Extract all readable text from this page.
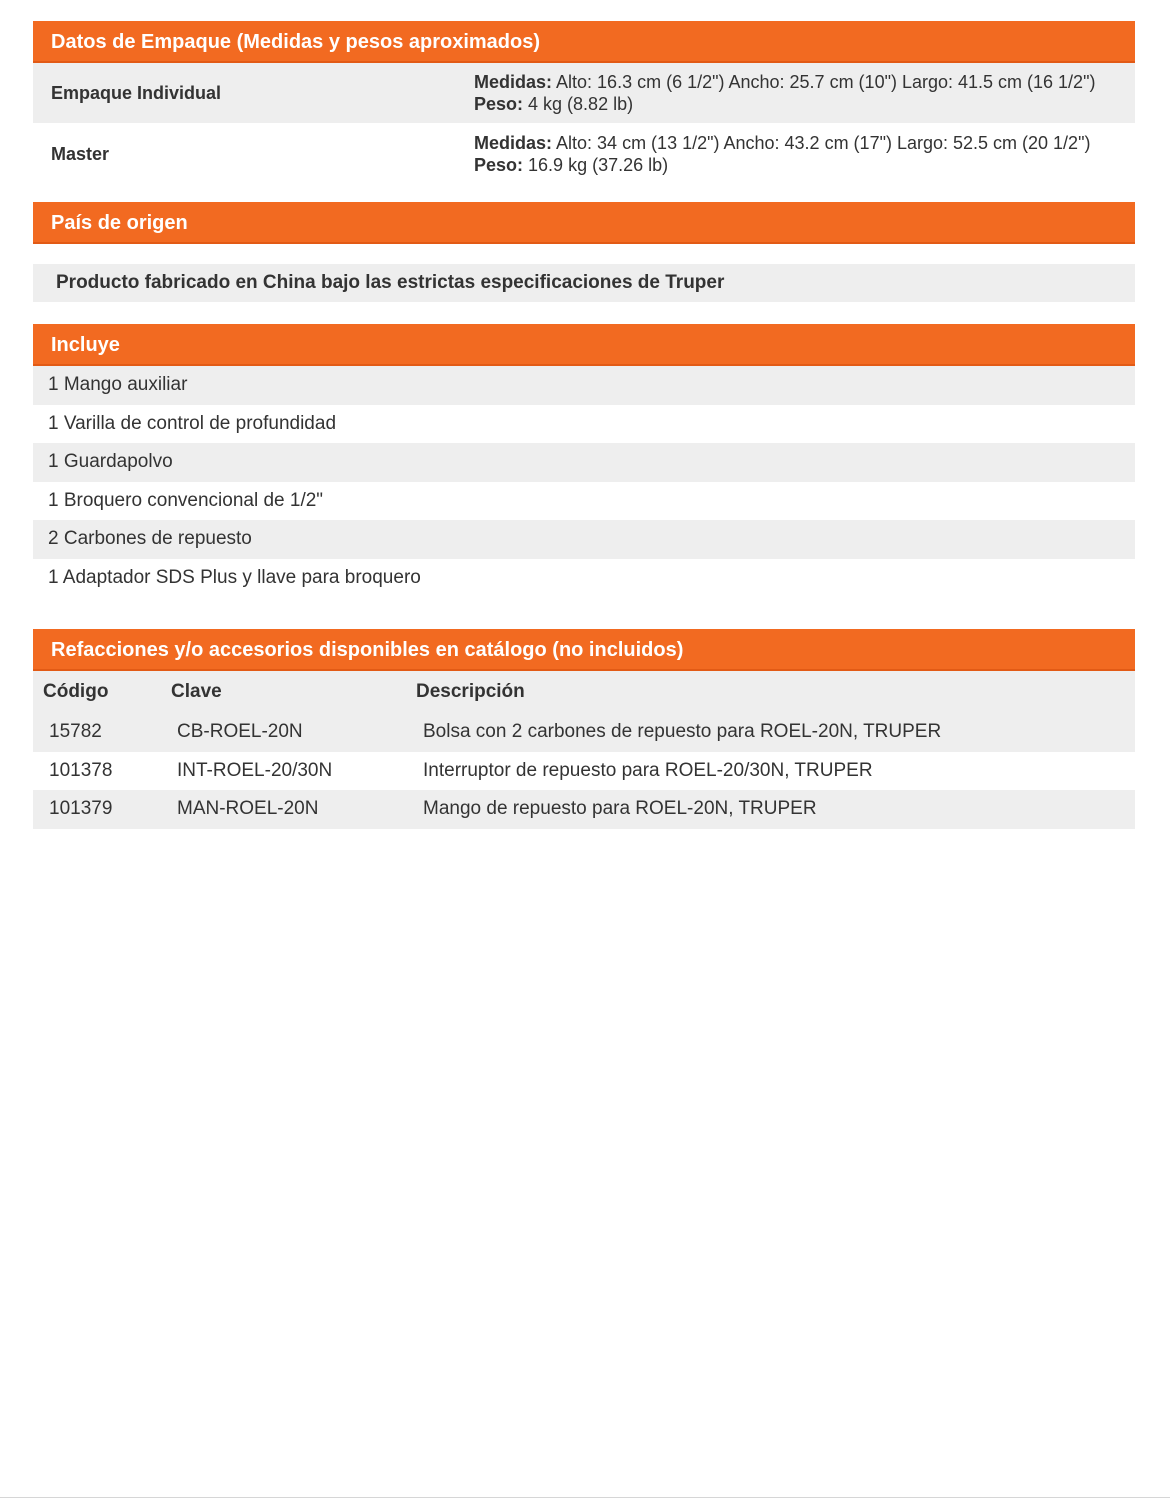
Datos de Empaque (Medidas y pesos aproximados)
Empaque Individual
Medidas: Alto: 16.3 cm (6 1/2") Ancho: 25.7 cm (10") Largo: 41.5 cm (16 1/2") Peso: 4 kg (8.82 lb)
Master
Medidas: Alto: 34 cm (13 1/2") Ancho: 43.2 cm (17") Largo: 52.5 cm (20 1/2") Peso: 16.9 kg (37.26 lb)
País de origen
Producto fabricado en China bajo las estrictas especificaciones de Truper
Incluye
1 Mango auxiliar
1 Varilla de control de profundidad
1 Guardapolvo
1 Broquero convencional de 1/2"
2 Carbones de repuesto
1 Adaptador SDS Plus y llave para broquero
Refacciones y/o accesorios disponibles en catálogo (no incluidos)
Código	Clave	Descripción
15782	CB-ROEL-20N	Bolsa con 2 carbones de repuesto para ROEL-20N, TRUPER
101378	INT-ROEL-20/30N	Interruptor de repuesto para ROEL-20/30N, TRUPER
101379	MAN-ROEL-20N	Mango de repuesto para ROEL-20N, TRUPER
